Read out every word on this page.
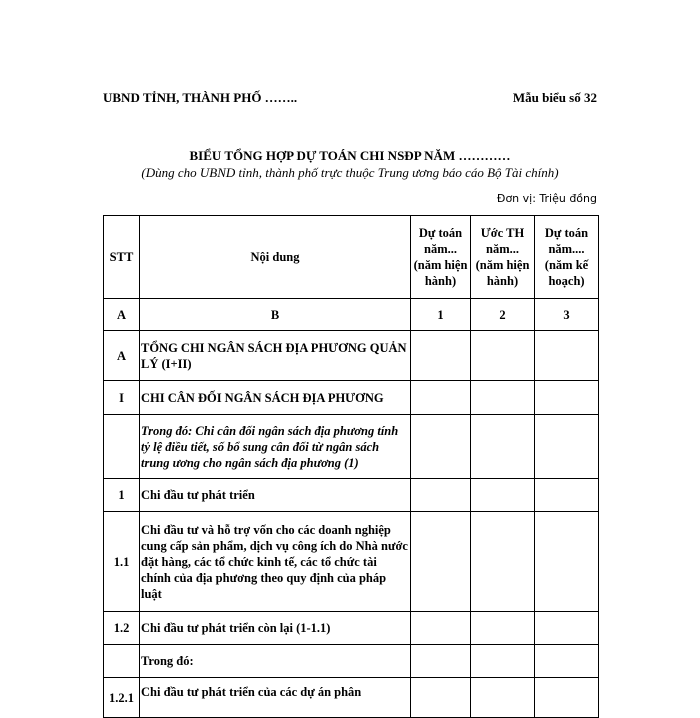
UBND TỈNH, THÀNH PHỐ ……..	Mẫu biểu số 32
BIỂU TỔNG HỢP DỰ TOÁN CHI NSĐP NĂM …………
(Dùng cho UBND tỉnh, thành phố trực thuộc Trung ương báo cáo Bộ Tài chính)
Đơn vị: Triệu đồng
STT	Nội dung	Dự toán năm... (năm hiện hành)	Ước TH năm... (năm hiện hành)	Dự toán năm.... (năm kế hoạch)
A	B	1	2	3
A	TỔNG CHI NGÂN SÁCH ĐỊA PHƯƠNG QUẢN LÝ (I+II)			
I	CHI CÂN ĐỐI NGÂN SÁCH ĐỊA PHƯƠNG			
	Trong đó: Chi cân đối ngân sách địa phương tính tỷ lệ điều tiết, số bổ sung cân đối từ ngân sách trung ương cho ngân sách địa phương (1)			
1	Chi đầu tư phát triển			
1.1	Chi đầu tư và hỗ trợ vốn cho các doanh nghiệp cung cấp sản phẩm, dịch vụ công ích do Nhà nước đặt hàng, các tổ chức kinh tế, các tổ chức tài chính của địa phương theo quy định của pháp luật			
1.2	Chi đầu tư phát triển còn lại (1-1.1)			
	Trong đó:			
1.2.1	Chi đầu tư phát triển của các dự án phân			
